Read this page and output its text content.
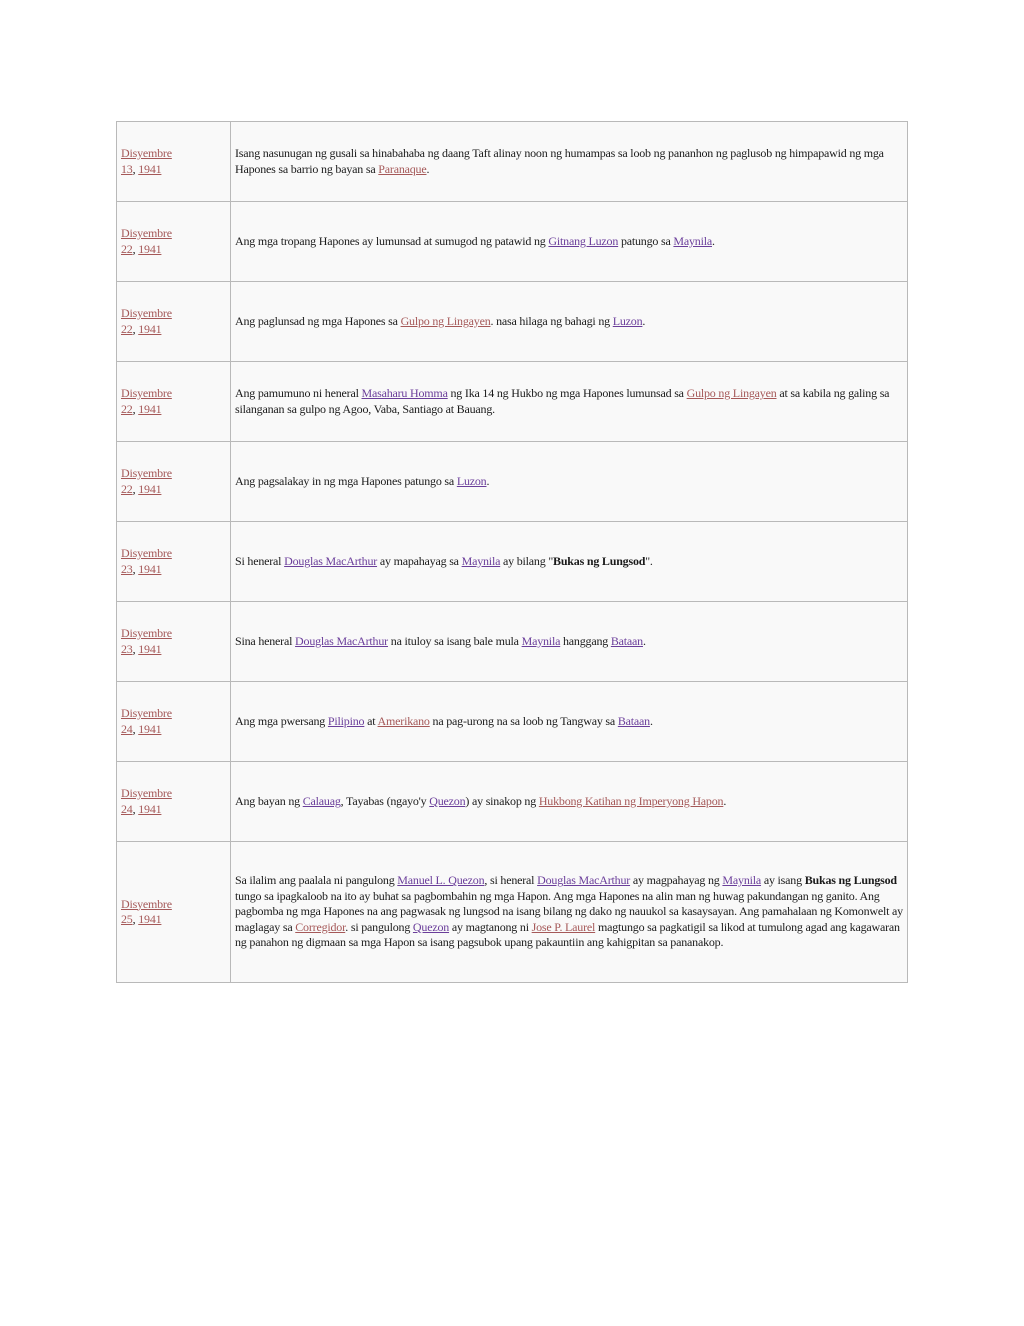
Disyembre
13, 1941	Isang nasunugan ng gusali sa hinabahaba ng daang Taft alinay noon ng humampas sa loob ng pananhon ng paglusob ng himpapawid ng mga Hapones sa barrio ng bayan sa Paranaque.
Disyembre
22, 1941	Ang mga tropang Hapones ay lumunsad at sumugod ng patawid ng Gitnang Luzon patungo sa Maynila.
Disyembre
22, 1941	Ang paglunsad ng mga Hapones sa Gulpo ng Lingayen. nasa hilaga ng bahagi ng Luzon.
Disyembre
22, 1941	Ang pamumuno ni heneral Masaharu Homma ng Ika 14 ng Hukbo ng mga Hapones lumunsad sa Gulpo ng Lingayen at sa kabila ng galing sa silanganan sa gulpo ng Agoo, Vaba, Santiago at Bauang.
Disyembre
22, 1941	Ang pagsalakay in ng mga Hapones patungo sa Luzon.
Disyembre
23, 1941	Si heneral Douglas MacArthur ay mapahayag sa Maynila ay bilang "Bukas ng Lungsod".
Disyembre
23, 1941	Sina heneral Douglas MacArthur na ituloy sa isang bale mula Maynila hanggang Bataan.
Disyembre
24, 1941	Ang mga pwersang Pilipino at Amerikano na pag-urong na sa loob ng Tangway sa Bataan.
Disyembre
24, 1941	Ang bayan ng Calauag, Tayabas (ngayo'y Quezon) ay sinakop ng Hukbong Katihan ng Imperyong Hapon.
Disyembre
25, 1941	Sa ilalim ang paalala ni pangulong Manuel L. Quezon, si heneral Douglas MacArthur ay magpahayag ng Maynila ay isang Bukas ng Lungsod tungo sa ipagkaloob na ito ay buhat sa pagbombahin ng mga Hapon. Ang mga Hapones na alin man ng huwag pakundangan ng ganito. Ang pagbomba ng mga Hapones na ang pagwasak ng lungsod na isang bilang ng dako ng nauukol sa kasaysayan. Ang pamahalaan ng Komonwelt ay maglagay sa Corregidor. si pangulong Quezon ay magtanong ni Jose P. Laurel magtungo sa pagkatigil sa likod at tumulong agad ang kagawaran ng panahon ng digmaan sa mga Hapon sa isang pagsubok upang pakauntiin ang kahigpitan sa pananakop.
